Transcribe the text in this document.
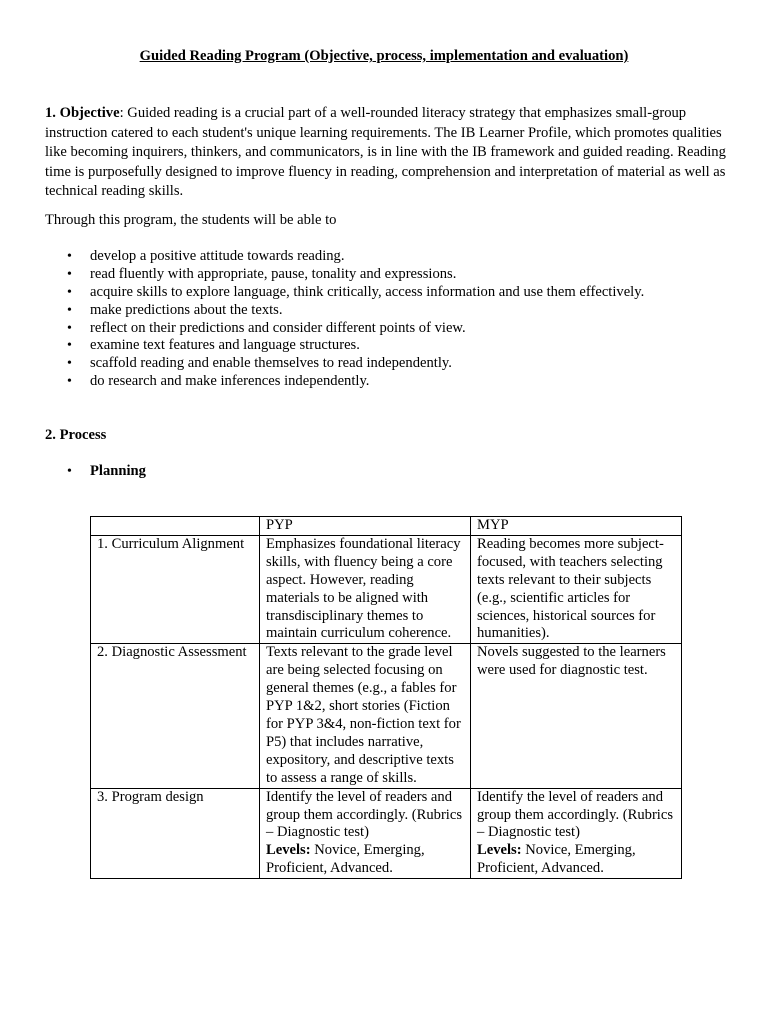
Guided Reading Program (Objective, process, implementation and evaluation)

1. Objective: Guided reading is a crucial part of a well-rounded literacy strategy that emphasizes small-group instruction catered to each student's unique learning requirements. The IB Learner Profile, which promotes qualities like becoming inquirers, thinkers, and communicators, is in line with the IB framework and guided reading. Reading time is purposefully designed to improve fluency in reading, comprehension and interpretation of material as well as technical reading skills.

Through this program, the students will be able to

• develop a positive attitude towards reading.
• read fluently with appropriate, pause, tonality and expressions.
• acquire skills to explore language, think critically, access information and use them effectively.
• make predictions about the texts.
• reflect on their predictions and consider different points of view.
• examine text features and language structures.
• scaffold reading and enable themselves to read independently.
• do research and make inferences independently.

2. Process

• Planning

	PYP	MYP
1. Curriculum Alignment	Emphasizes foundational literacy skills, with fluency being a core aspect. However, reading materials to be aligned with transdisciplinary themes to maintain curriculum coherence.	Reading becomes more subject-focused, with teachers selecting texts relevant to their subjects (e.g., scientific articles for sciences, historical sources for humanities).
2. Diagnostic Assessment	Texts relevant to the grade level are being selected focusing on general themes (e.g., a fables for PYP 1&2, short stories (Fiction for PYP 3&4, non-fiction text for P5) that includes narrative, expository, and descriptive texts to assess a range of skills.	Novels suggested to the learners were used for diagnostic test.
3. Program design	Identify the level of readers and group them accordingly. (Rubrics – Diagnostic test)
Levels: Novice, Emerging, Proficient, Advanced.	Identify the level of readers and group them accordingly. (Rubrics – Diagnostic test)
Levels: Novice, Emerging, Proficient, Advanced.
